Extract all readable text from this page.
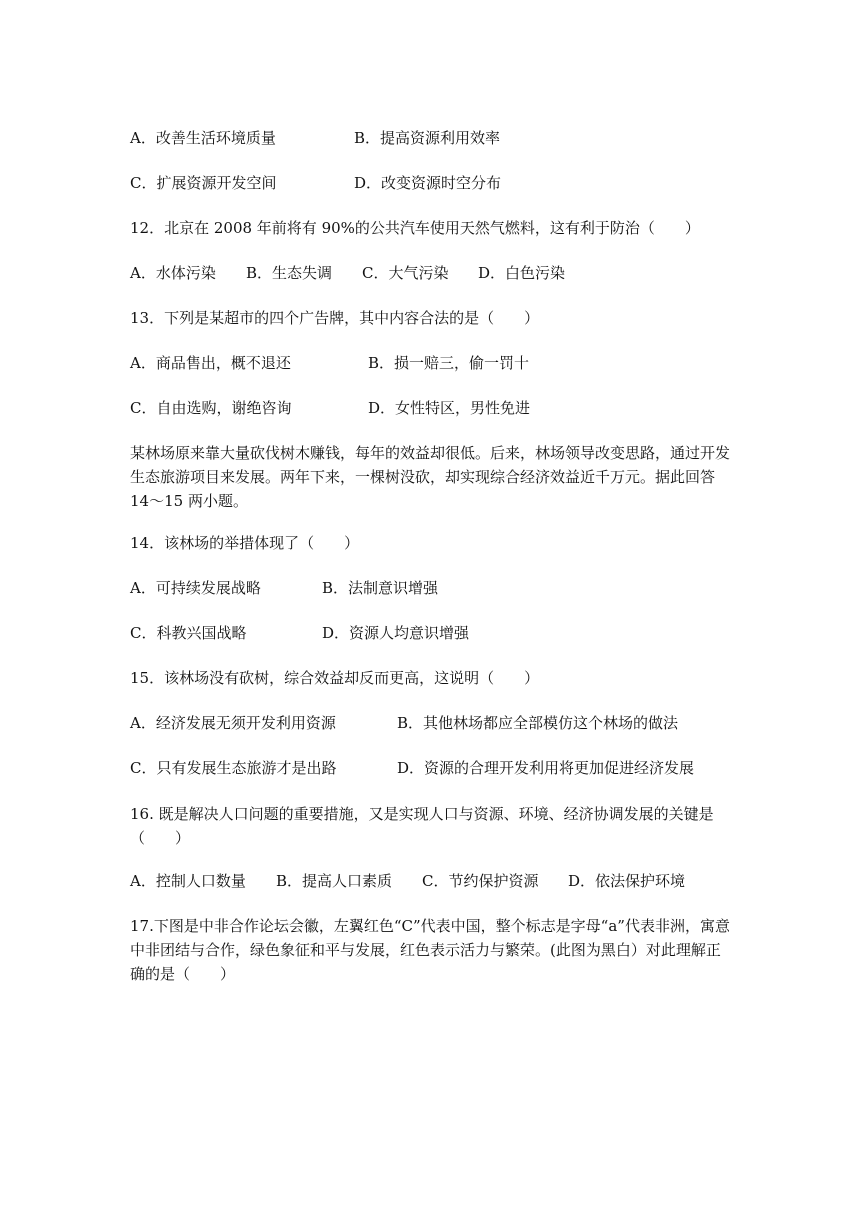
A．改善生活环境质量	B．提高资源利用效率
C．扩展资源开发空间	D．改变资源时空分布
12．北京在 2008 年前将有 90%的公共汽车使用天然气燃料，这有利于防治（　　）
A．水体污染 B．生态失调 C．大气污染 D．白色污染
13．下列是某超市的四个广告牌，其中内容合法的是（　　）
A．商品售出，概不退还	B．损一赔三，偷一罚十
C．自由选购，谢绝咨询	D．女性特区，男性免进
某林场原来靠大量砍伐树木赚钱，每年的效益却很低。后来，林场领导改变思路，通过开发生态旅游项目来发展。两年下来，一棵树没砍，却实现综合经济效益近千万元。据此回答14～15 两小题。
14．该林场的举措体现了（　　）
A．可持续发展战略	B．法制意识增强
C．科教兴国战略	D．资源人均意识增强
15．该林场没有砍树，综合效益却反而更高，这说明（　　）
A．经济发展无须开发利用资源	B．其他林场都应全部模仿这个林场的做法
C．只有发展生态旅游才是出路	D．资源的合理开发利用将更加促进经济发展
16. 既是解决人口问题的重要措施，又是实现人口与资源、环境、经济协调发展的关键是（　　）
A．控制人口数量 B．提高人口素质 C．节约保护资源 D．依法保护环境
17.下图是中非合作论坛会徽，左翼红色“C”代表中国，整个标志是字母“a”代表非洲，寓意中非团结与合作，绿色象征和平与发展，红色表示活力与繁荣。(此图为黑白）对此理解正确的是（　　）
